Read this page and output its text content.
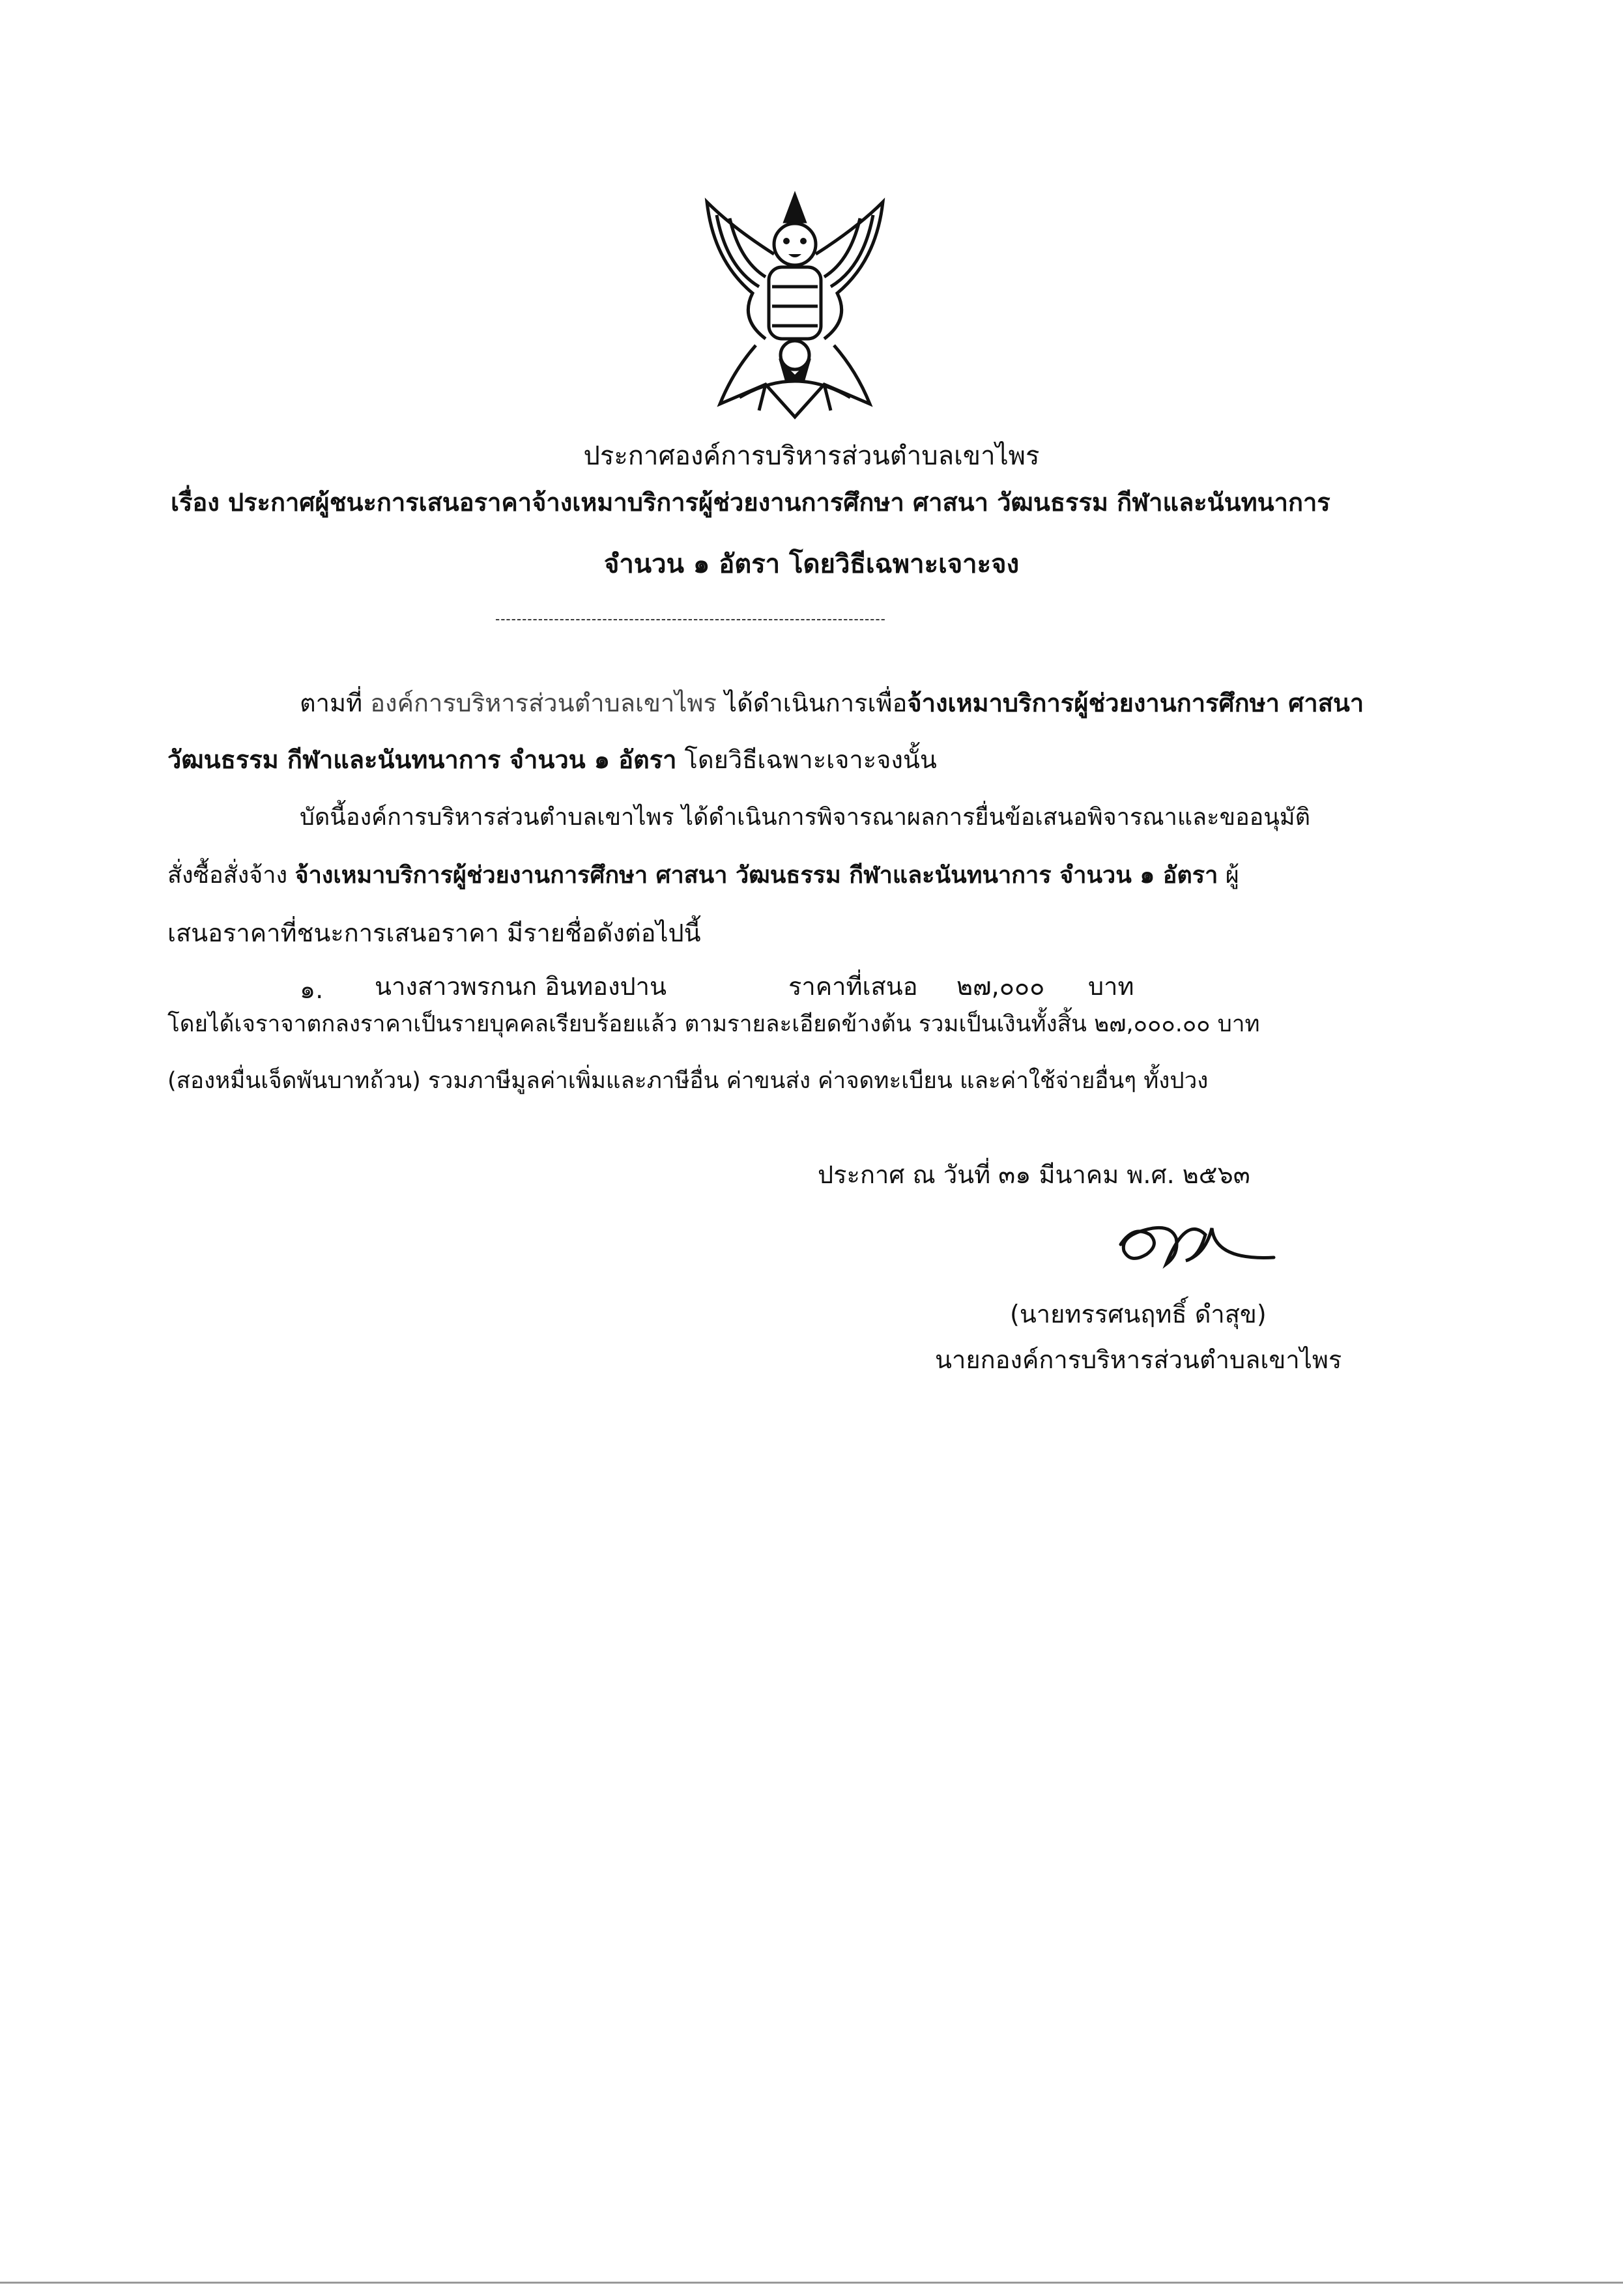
ประกาศองค์การบริหารส่วนตำบลเขาไพร
เรื่อง ประกาศผู้ชนะการเสนอราคาจ้างเหมาบริการผู้ช่วยงานการศึกษา ศาสนา วัฒนธรรม กีฬาและนันทนาการ
จำนวน ๑ อัตรา โดยวิธีเฉพาะเจาะจง
-------------------------------------------------------------------------
ตามที่ องค์การบริหารส่วนตำบลเขาไพร ได้ดำเนินการเพื่อจ้างเหมาบริการผู้ช่วยงานการศึกษา ศาสนา
วัฒนธรรม กีฬาและนันทนาการ จำนวน ๑ อัตรา โดยวิธีเฉพาะเจาะจงนั้น
บัดนี้องค์การบริหารส่วนตำบลเขาไพร ได้ดำเนินการพิจารณาผลการยื่นข้อเสนอพิจารณาและขออนุมัติ
สั่งซื้อสั่งจ้าง จ้างเหมาบริการผู้ช่วยงานการศึกษา ศาสนา วัฒนธรรม กีฬาและนันทนาการ จำนวน ๑ อัตรา ผู้
เสนอราคาที่ชนะการเสนอราคา มีรายชื่อดังต่อไปนี้
๑. นางสาวพรกนก อินทองปาน	ราคาที่เสนอ ๒๗,๐๐๐ บาท
โดยได้เจราจาตกลงราคาเป็นรายบุคคลเรียบร้อยแล้ว ตามรายละเอียดข้างต้น รวมเป็นเงินทั้งสิ้น ๒๗,๐๐๐.๐๐ บาท
(สองหมื่นเจ็ดพันบาทถ้วน) รวมภาษีมูลค่าเพิ่มและภาษีอื่น ค่าขนส่ง ค่าจดทะเบียน และค่าใช้จ่ายอื่นๆ ทั้งปวง
ประกาศ ณ วันที่ ๓๑ มีนาคม พ.ศ. ๒๕๖๓
(นายทรรศนฤทธิ์ ดำสุข)
นายกองค์การบริหารส่วนตำบลเขาไพร
